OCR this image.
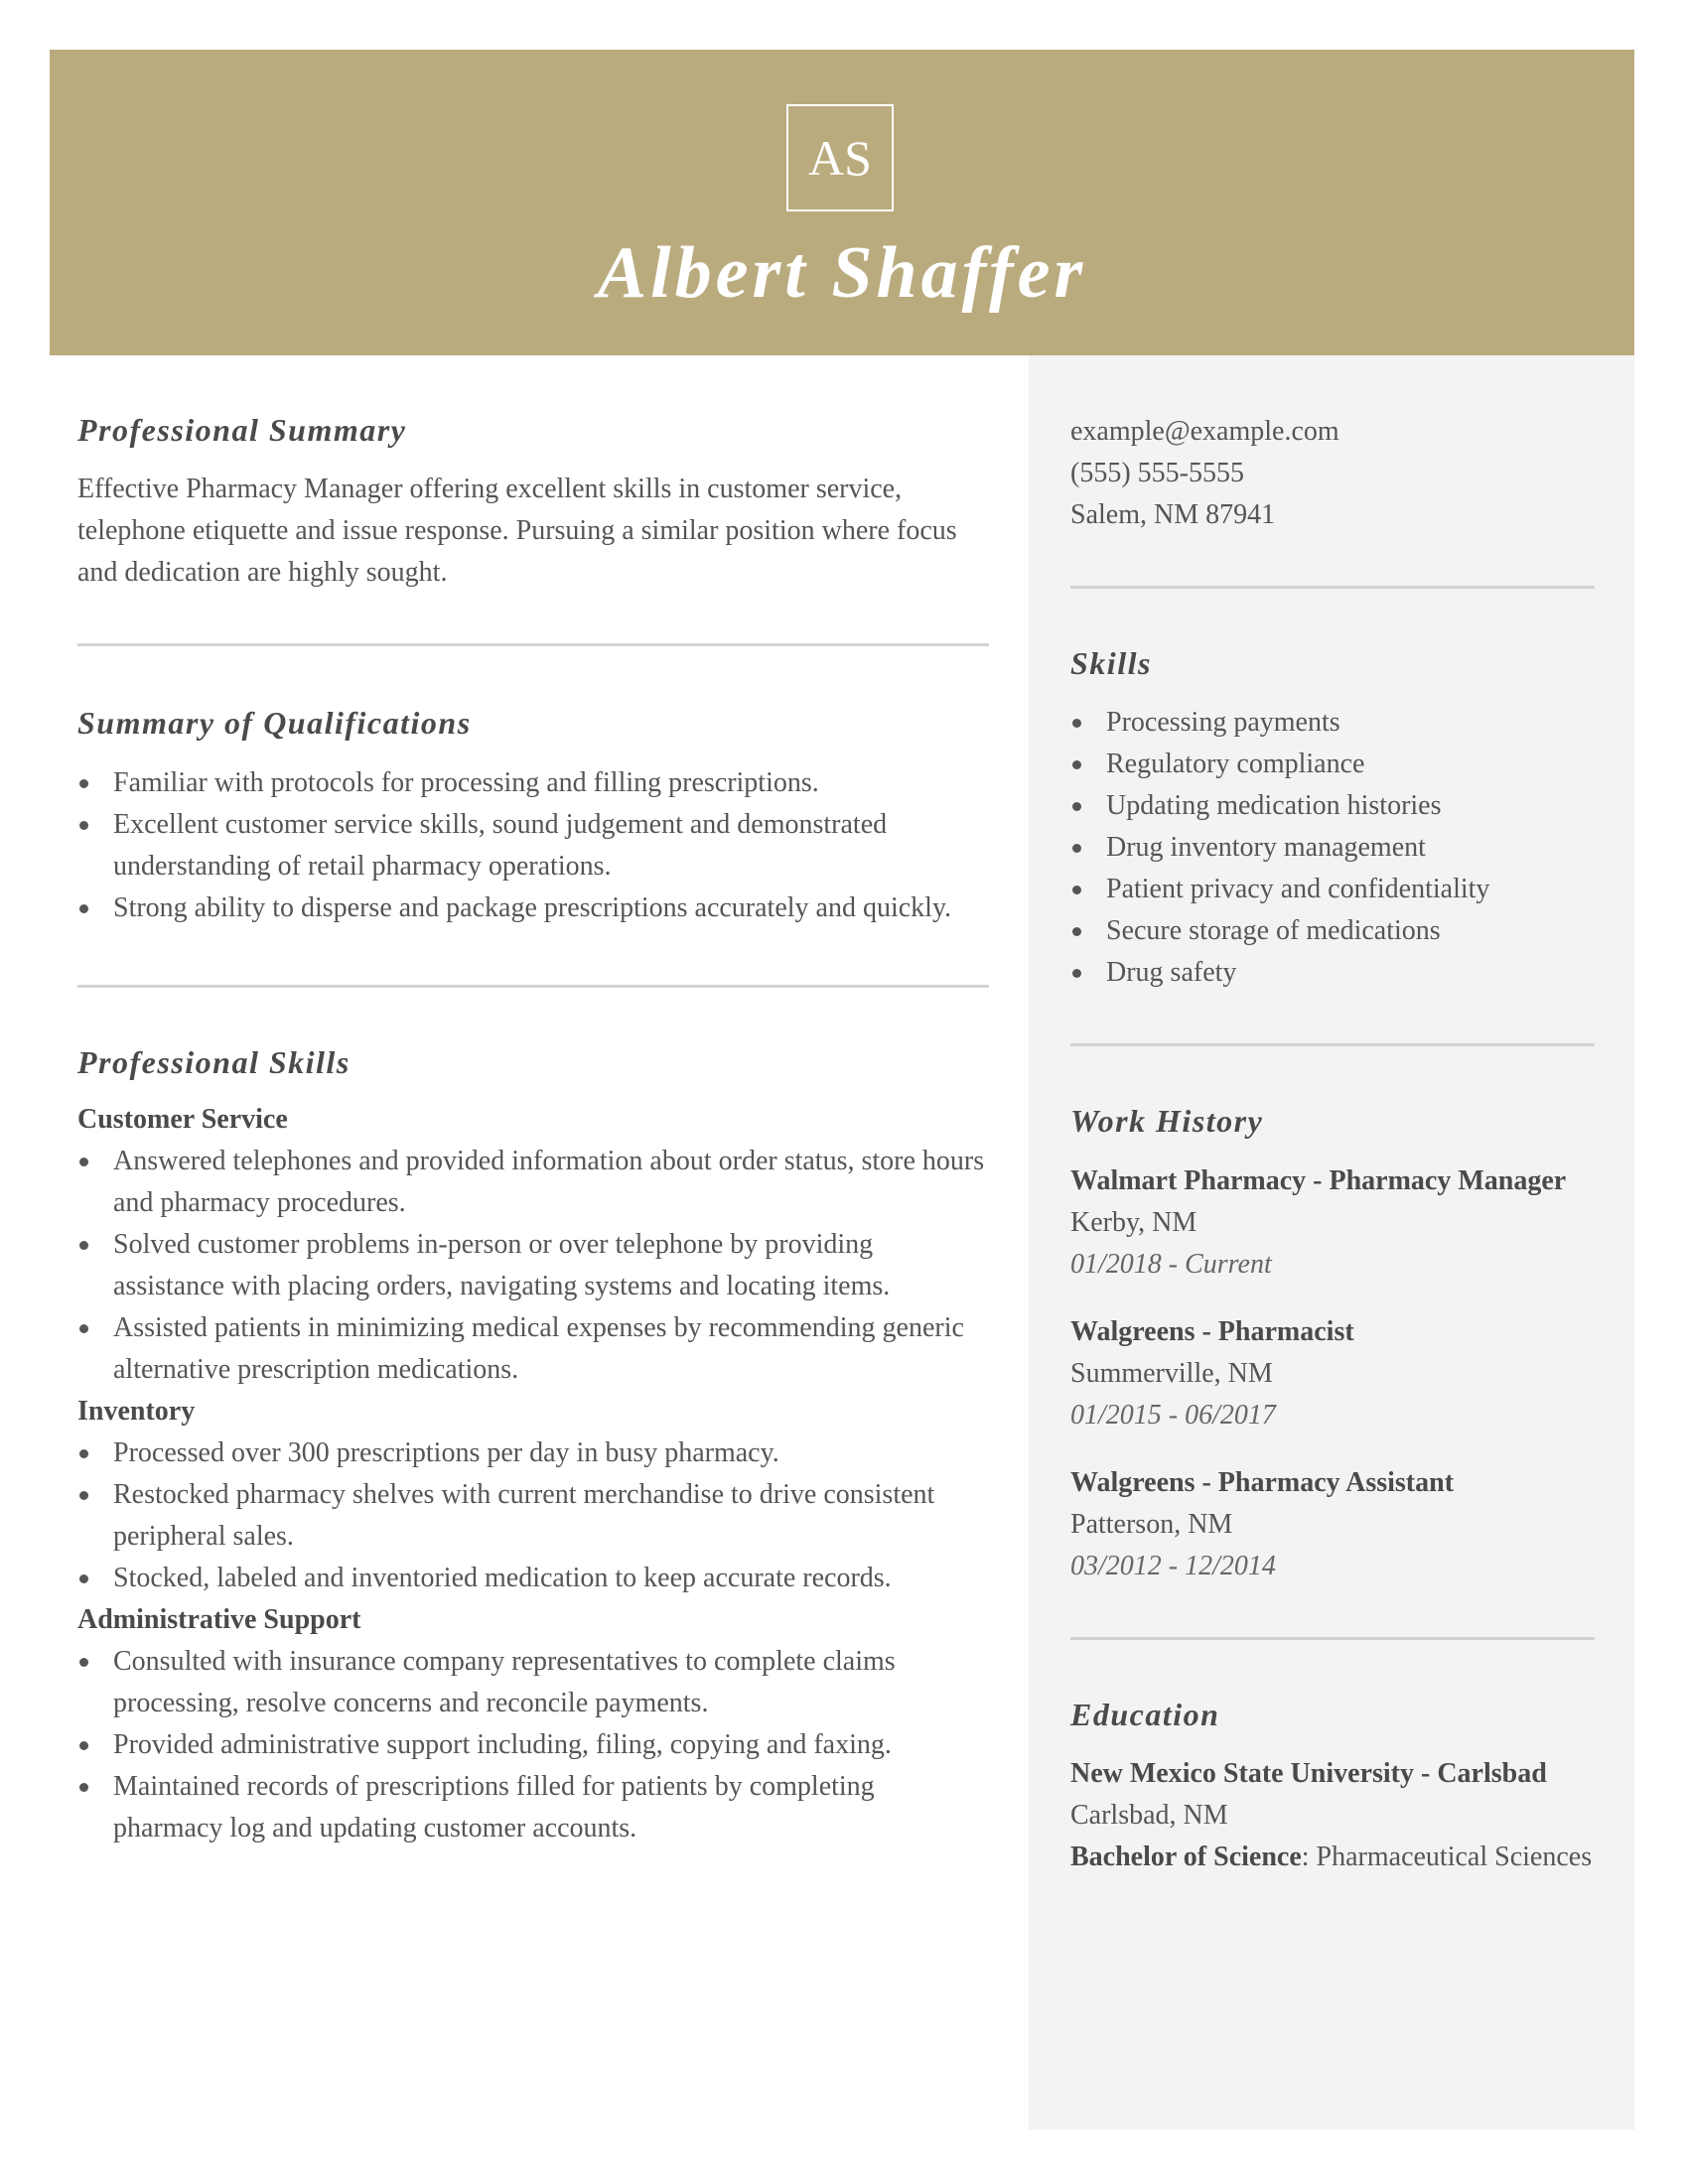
AS
Albert Shaffer
Professional Summary

Effective Pharmacy Manager offering excellent skills in customer service, telephone etiquette and issue response. Pursuing a similar position where focus and dedication are highly sought.

Summary of Qualifications
Familiar with protocols for processing and filling prescriptions.
Excellent customer service skills, sound judgement and demonstrated understanding of retail pharmacy operations.
Strong ability to disperse and package prescriptions accurately and quickly.
Professional Skills

Customer Service

Answered telephones and provided information about order status, store hours and pharmacy procedures.
Solved customer problems in-person or over telephone by providing assistance with placing orders, navigating systems and locating items.
Assisted patients in minimizing medical expenses by recommending generic alternative prescription medications.

Inventory

Processed over 300 prescriptions per day in busy pharmacy.
Restocked pharmacy shelves with current merchandise to drive consistent peripheral sales.
Stocked, labeled and inventoried medication to keep accurate records.

Administrative Support

Consulted with insurance company representatives to complete claims processing, resolve concerns and reconcile payments.
Provided administrative support including, filing, copying and faxing.
Maintained records of prescriptions filled for patients by completing pharmacy log and updating customer accounts.

example@example.com

(555) 555-5555

Salem, NM 87941

Skills
Processing payments
Regulatory compliance
Updating medication histories
Drug inventory management
Patient privacy and confidentiality
Secure storage of medications
Drug safety
Work History
Walmart Pharmacy - Pharmacy Manager
Kerby, NM
01/2018 - Current
Walgreens - Pharmacist
Summerville, NM
01/2015 - 06/2017
Walgreens - Pharmacy Assistant
Patterson, NM
03/2012 - 12/2014
Education
New Mexico State University - Carlsbad
Carlsbad, NM

Bachelor of Science: Pharmaceutical Sciences
